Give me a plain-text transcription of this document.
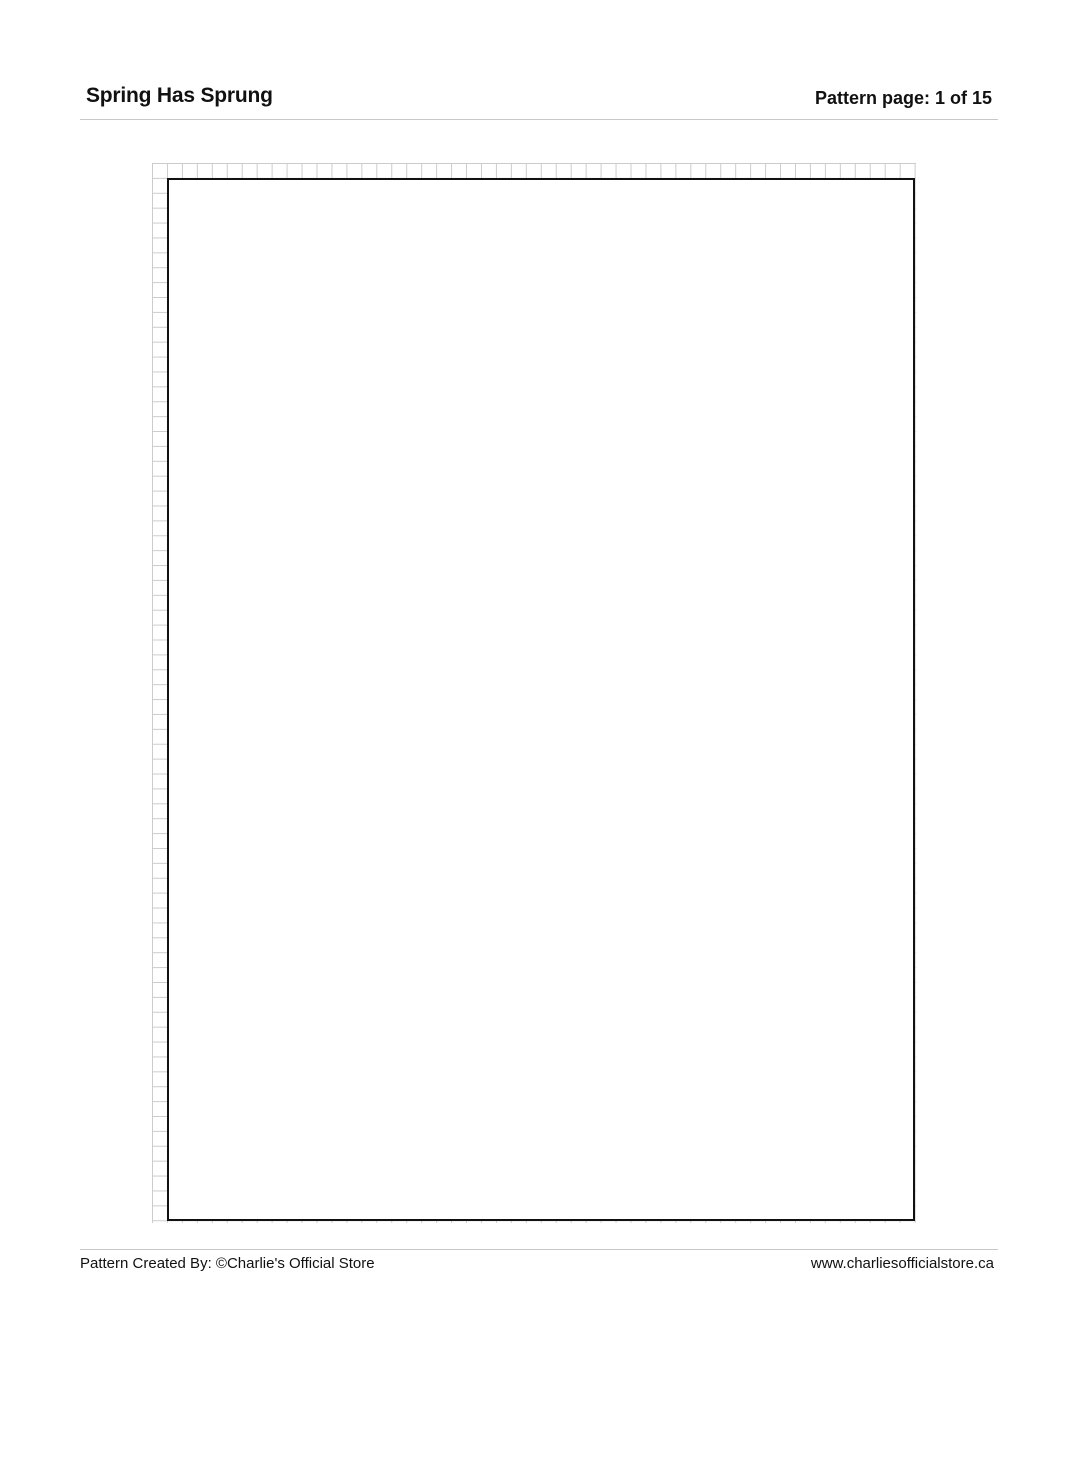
Spring Has Sprung	Pattern page: 1 of 15
Pattern Created By: ©Charlie's Official Store	www.charliesofficialstore.ca
